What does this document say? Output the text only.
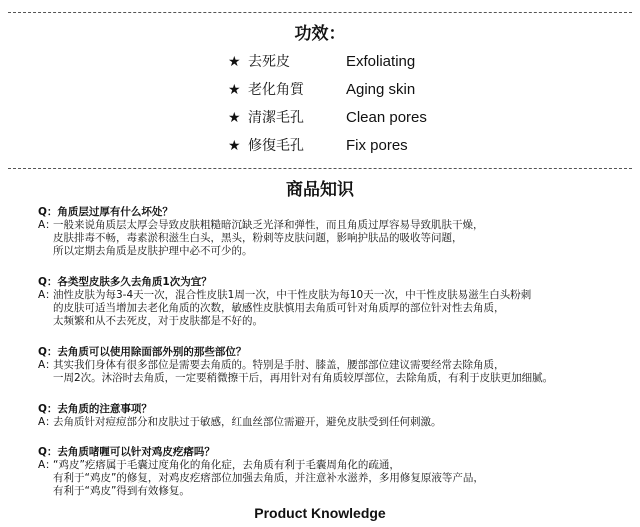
功效：
★ 去死皮	Exfoliating
★ 老化角質	Aging skin
★ 清潔毛孔	Clean pores
★ 修復毛孔	Fix pores
商品知识
Q：角质层过厚有什么坏处？
A：
一般来说角质层太厚会导致皮肤粗糙暗沉缺乏光泽和弹性，而且角质过厚容易导致肌肤干燥，
皮肤排毒不畅，毒素淤积滋生白头，黑头，粉刺等皮肤问题，影响护肤品的吸收等问题，
所以定期去角质是皮肤护理中必不可少的。
Q：各类型皮肤多久去角质1次为宜？
A：
油性皮肤为每3-4天一次，混合性皮肤1周一次，中干性皮肤为每10天一次，中干性皮肤易滋生白头粉刺
的皮肤可适当增加去老化角质的次数，敏感性皮肤慎用去角质可针对角质厚的部位针对性去角质，
太频繁和从不去死皮，对于皮肤都是不好的。
Q：去角质可以使用除面部外别的那些部位？
A：
其实我们身体有很多部位是需要去角质的。特别是手肘、膝盖，腰部部位建议需要经常去除角质，
一周2次。沐浴时去角质，一定要稍微擦干后，再用针对有角质较厚部位，去除角质，有利于皮肤更加细腻。
Q：去角质的注意事项？
A：
去角质针对痘痘部分和皮肤过于敏感，红血丝部位需避开，避免皮肤受到任何刺激。
Q：去角质啫喱可以针对鸡皮疙瘩吗？
A：
“鸡皮”疙瘩属于毛囊过度角化的角化症，去角质有利于毛囊周角化的疏通，
有利于“鸡皮”的修复，对鸡皮疙瘩部位加强去角质，并注意补水滋养，多用修复原液等产品，
有利于“鸡皮”得到有效修复。
Product Knowledge
